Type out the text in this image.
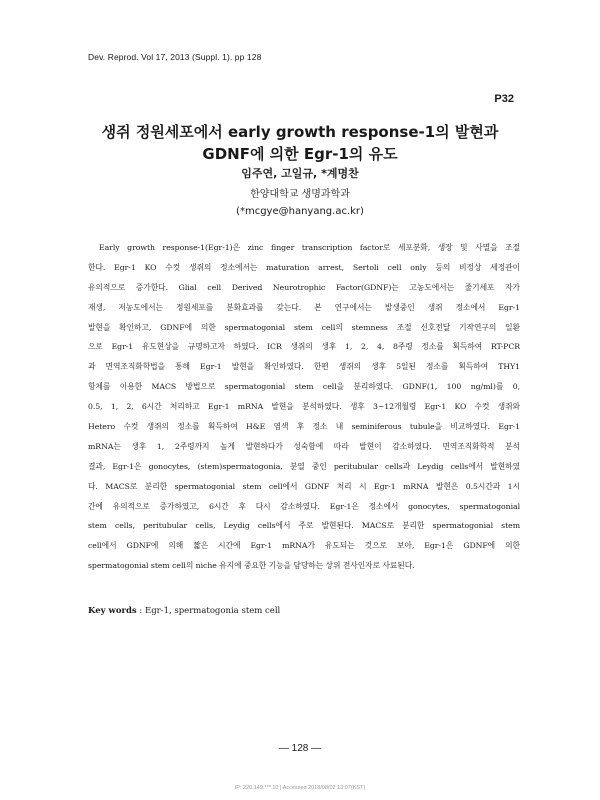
Dev. Reprod. Vol 17, 2013 (Suppl. 1). pp 128
P32
생쥐 정원세포에서 early growth response-1의 발현과
GDNF에 의한 Egr-1의 유도
임주연, 고일규, *계명찬
한양대학교 생명과학과
(*mcgye@hanyang.ac.kr)
Early growth response-1(Egr-1)은 zinc finger transcription factor로 세포분화, 생장 및 사멸을 조절
한다. Egr-1 KO 수컷 생쥐의 정소에서는 maturation arrest, Sertoli cell only 등의 비정상 세정관이
유의적으로 증가한다. Glial cell Derived Neurotrophic Factor(GDNF)는 고농도에서는 줄기세포 자가
재생, 저농도에서는 정원세포를 분화효과를 갖는다. 본 연구에서는 발생중인 생쥐 정소에서 Egr-1
발현을 확인하고, GDNF에 의한 spermatogonial stem cell의 stemness 조절 신호전달 기작연구의 일환
으로 Egr-1 유도현상을 규명하고자 하였다. ICR 생쥐의 생후 1, 2, 4, 8주령 정소를 획득하여 RT-PCR
과 면역조직화학법을 통해 Egr-1 발현을 확인하였다. 한편 생쥐의 생후 5일된 정소를 획득하여 THY1
항체를 이용한 MACS 방법으로 spermatogonial stem cell을 분리하였다. GDNF(1, 100 ng/ml)를 0,
0.5, 1, 2, 6시간 처리하고 Egr-1 mRNA 발현을 분석하였다. 생후 3~12개월령 Egr-1 KO 수컷 생쥐와
Hetero 수컷 생쥐의 정소를 획득하여 H&E 염색 후 정소 내 seminiferous tubule을 비교하였다. Egr-1
mRNA는 생후 1, 2주령까지 높게 발현하다가 성숙함에 따라 발현이 감소하였다. 면역조직화학적 분석
결과, Egr-1은 gonocytes, (stem)spermatogonia, 분열 중인 peritubular cells과 Leydig cells에서 발현하였
다. MACS로 분리한 spermatogonial stem cell에서 GDNF 처리 시 Egr-1 mRNA 발현은 0.5시간과 1시
간에 유의적으로 증가하였고, 6시간 후 다시 감소하였다. Egr-1은 정소에서 gonocytes, spermatogonial
stem cells, peritubular cells, Leydig cells에서 주로 발현된다. MACS로 분리한 spermatogonial stem
cell에서 GDNF에 의해 짧은 시간에 Egr-1 mRNA가 유도되는 것으로 보아, Egr-1은 GDNF에 의한
spermatogonial stem cell의 niche 유지에 중요한 기능을 담당하는 상위 전사인자로 사료된다.
Key words : Egr-1, spermatogonia stem cell
— 128 —
IP: 220.149.***.10 | Accessed 2018/08/02 13:07(KST)
